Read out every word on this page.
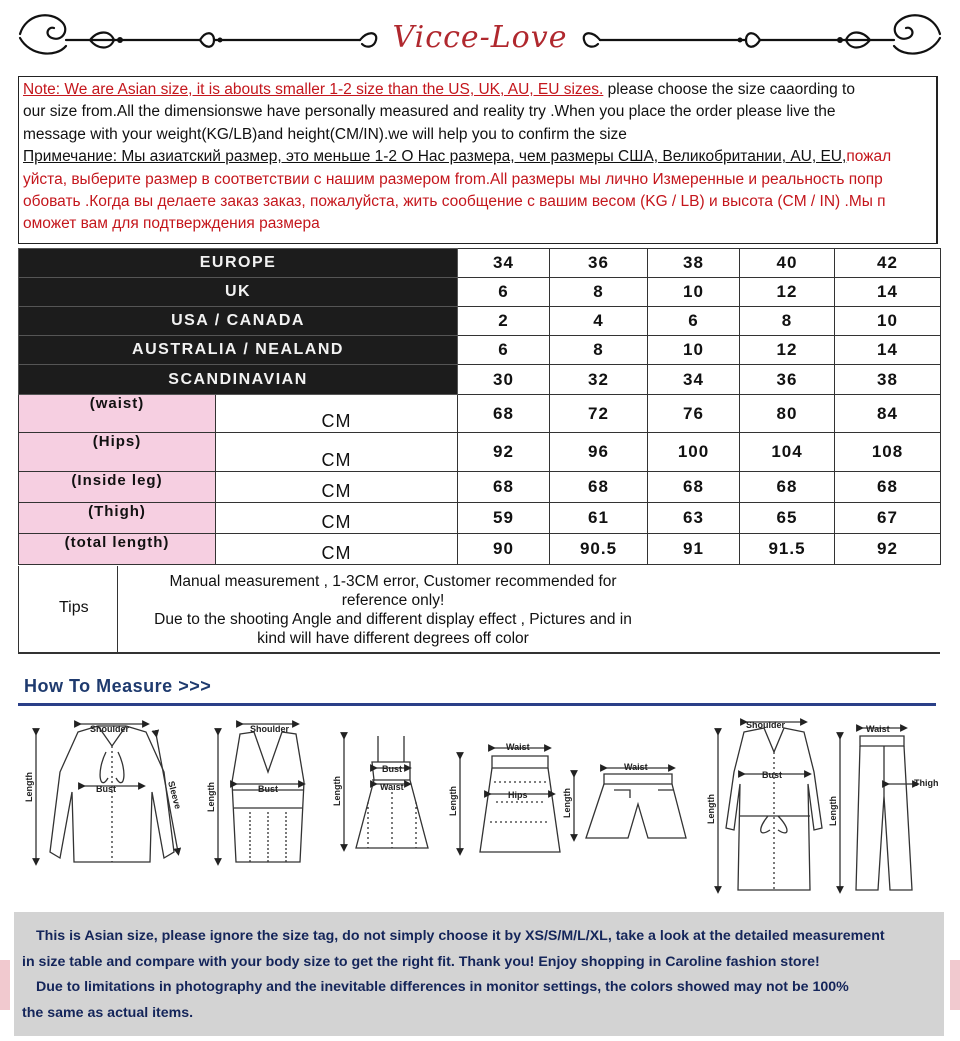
Vicce-Love
Note: We are Asian size, it is abouts smaller 1-2 size than the US, UK, AU, EU sizes. please choose the size caaording to
our size from.All the dimensionswe have personally measured and reality try .When you place the order please live the
message with your weight(KG/LB)and height(CM/IN).we will help you to confirm the size
Примечание: Мы азиатский размер, это меньше 1-2 О Нас размера, чем размеры США, Великобритании, AU, EU,пожал
уйста, выберите размер в соответствии с нашим размером from.All размеры мы лично Измеренные и реальность попр
обовать .Когда вы делаете заказ заказ, пожалуйста, жить сообщение с вашим весом (KG / LB) и высота (CM / IN) .Мы п
оможет вам для подтверждения размера
EUROPE		34	36	38	40	42
UK		6	8	10	12	14
USA / CANADA		2	4	6	8	10
AUSTRALIA / NEALAND		6	8	10	12	14
SCANDINAVIAN		30	32	34	36	38
(waist)	CM	68	72	76	80	84
(Hips)	CM	92	96	100	104	108
(Inside leg)	CM	68	68	68	68	68
(Thigh)	CM	59	61	63	65	67
(total length)	CM	90	90.5	91	91.5	92
Tips
Manual measurement , 1-3CM error, Customer recommended for
reference only!
Due to the shooting Angle and different display effect , Pictures and in
kind will have different degrees off color
How To Measure >>>
Shoulder
Bust
Length	Sleeve
Shoulder
Bust
Length
Bust
Waist
Length
Waist
Hips
Length
Waist
Length
Shoulder
Bust
Length
Waist
Thigh
Length
This is Asian size, please ignore the size tag, do not simply choose it by XS/S/M/L/XL, take a look at the detailed measurement
in size table and compare with your body size to get the right fit. Thank you! Enjoy shopping in Caroline fashion store!
Due to limitations in photography and the inevitable differences in monitor settings, the colors showed may not be 100%
the same as actual items.
